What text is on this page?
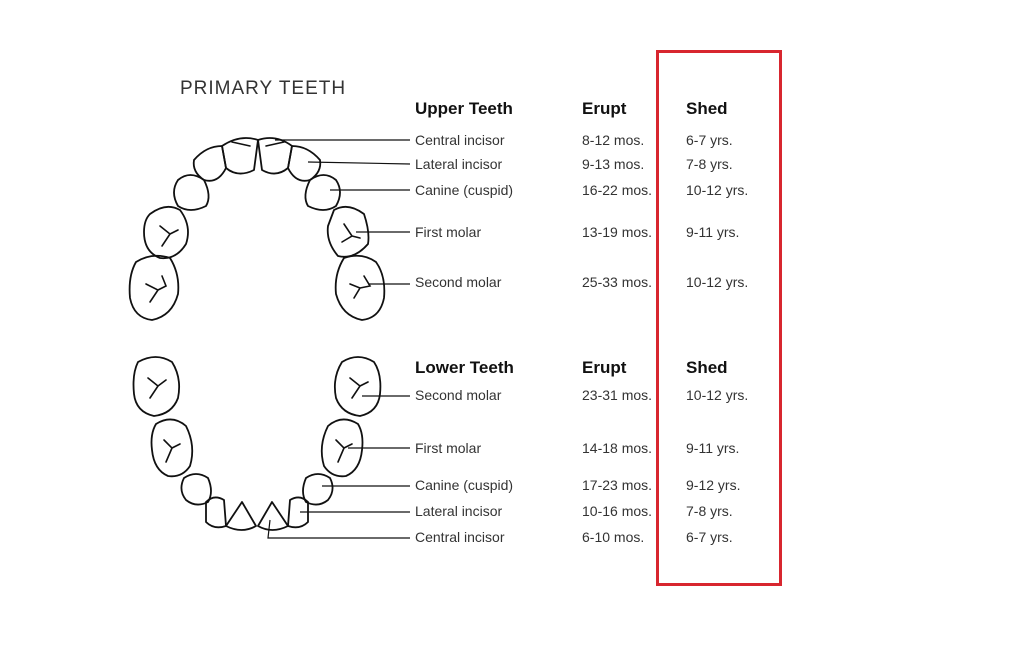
PRIMARY TEETH
Upper Teeth	Erupt	Shed
Central incisor	8-12 mos.	6-7 yrs.
Lateral incisor	9-13 mos.	7-8 yrs.
Canine (cuspid)	16-22 mos. 10-12 yrs.
First molar	13-19 mos. 9-11 yrs.
Second molar	25-33 mos. 10-12 yrs.
Lower Teeth	Erupt	Shed
Second molar	23-31 mos. 10-12 yrs.
First molar	14-18 mos. 9-11 yrs.
Canine (cuspid)	17-23 mos. 9-12 yrs.
Lateral incisor	10-16 mos. 7-8 yrs.
Central incisor	6-10 mos.	6-7 yrs.
